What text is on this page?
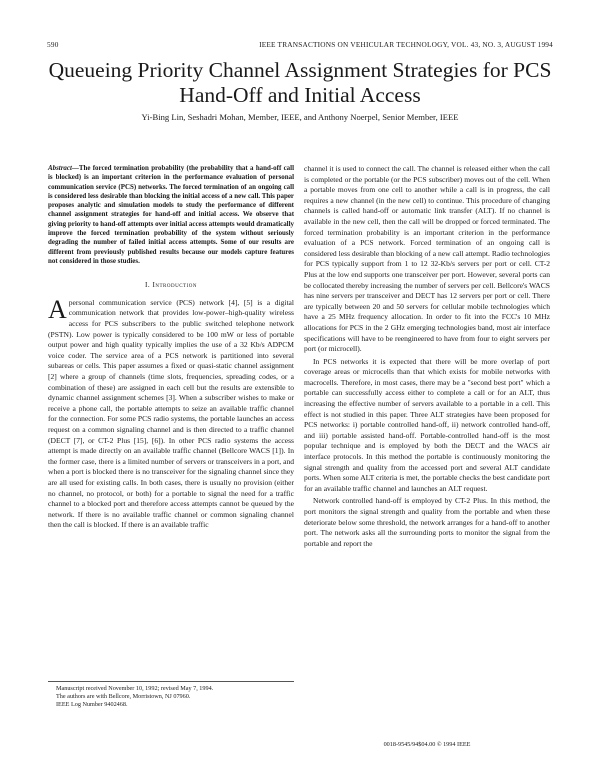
590	IEEE TRANSACTIONS ON VEHICULAR TECHNOLOGY, VOL. 43, NO. 3, AUGUST 1994
Queueing Priority Channel Assignment Strategies for PCS Hand-Off and Initial Access
Yi-Bing Lin, Seshadri Mohan, Member, IEEE, and Anthony Noerpel, Senior Member, IEEE

Abstract—The forced termination probability (the probability that a hand-off call is blocked) is an important criterion in the performance evaluation of personal communication service (PCS) networks. The forced termination of an ongoing call is considered less desirable than blocking the initial access of a new call. This paper proposes analytic and simulation models to study the performance of different channel assignment strategies for hand-off and initial access. We observe that giving priority to hand-off attempts over initial access attempts would dramatically improve the forced termination probability of the system without seriously degrading the number of failed initial access attempts. Some of our results are different from previously published results because our models capture features not considered in those studies.

I. Introduction

Apersonal communication service (PCS) network [4], [5] is a digital communication network that provides low-power–high-quality wireless access for PCS subscribers to the public switched telephone network (PSTN). Low power is typically considered to be 100 mW or less of portable output power and high quality typically implies the use of a 32 Kb/s ADPCM voice coder. The service area of a PCS network is partitioned into several subareas or cells. This paper assumes a fixed or quasi-static channel assignment [2] where a group of channels (time slots, frequencies, spreading codes, or a combination of these) are assigned in each cell but the results are extensible to dynamic channel assignment schemes [3]. When a subscriber wishes to make or receive a phone call, the portable attempts to seize an available traffic channel for the connection. For some PCS radio systems, the portable launches an access request on a common signaling channel and is then directed to a traffic channel (DECT [7], or CT-2 Plus [15], [6]). In other PCS radio systems the access attempt is made directly on an available traffic channel (Bellcore WACS [1]). In the former case, there is a limited number of servers or transceivers in a port, and when a port is blocked there is no transceiver for the signaling channel since they are all used for existing calls. In both cases, there is usually no provision (either no channel, no protocol, or both) for a portable to signal the need for a traffic channel to a blocked port and therefore access attempts cannot be queued by the network. If there is no available traffic channel or common signaling channel then the call is blocked. If there is an available traffic

channel it is used to connect the call. The channel is released either when the call is completed or the portable (or the PCS subscriber) moves out of the cell. When a portable moves from one cell to another while a call is in progress, the call requires a new channel (in the new cell) to continue. This procedure of changing channels is called hand-off or automatic link transfer (ALT). If no channel is available in the new cell, then the call will be dropped or forced terminated. The forced termination probability is an important criterion in the performance evaluation of a PCS network. Forced termination of an ongoing call is considered less desirable than blocking of a new call attempt. Radio technologies for PCS typically support from 1 to 12 32-Kb/s servers per port or cell. CT-2 Plus at the low end supports one transceiver per port. However, several ports can be collocated thereby increasing the number of servers per cell. Bellcore's WACS has nine servers per transceiver and DECT has 12 servers per port or cell. There are typically between 20 and 50 servers for cellular mobile technologies which have a 25 MHz frequency allocation. In order to fit into the FCC's 10 MHz allocations for PCS in the 2 GHz emerging technologies band, most air interface specifications will have to be reengineered to have from four to eight servers per port (or microcell).

In PCS networks it is expected that there will be more overlap of port coverage areas or microcells than that which exists for mobile networks with macrocells. Therefore, in most cases, there may be a "second best port" which a portable can successfully access either to complete a call or for an ALT, thus increasing the effective number of servers available to a portable in a cell. This effect is not studied in this paper. Three ALT strategies have been proposed for PCS networks: i) portable controlled hand-off, ii) network controlled hand-off, and iii) portable assisted hand-off. Portable-controlled hand-off is the most popular technique and is employed by both the DECT and the WACS air interface protocols. In this method the portable is continuously monitoring the signal strength and quality from the accessed port and several ALT candidate ports. When some ALT criteria is met, the portable checks the best candidate port for an available traffic channel and launches an ALT request.

Network controlled hand-off is employed by CT-2 Plus. In this method, the port monitors the signal strength and quality from the portable and when these deteriorate below some threshold, the network arranges for a hand-off to another port. The network asks all the surrounding ports to monitor the signal from the portable and report the

Manuscript received November 10, 1992; revised May 7, 1994.

The authors are with Bellcore, Morristown, NJ 07960.

IEEE Log Number 9402468.

0018-9545/94$04.00 © 1994 IEEE
